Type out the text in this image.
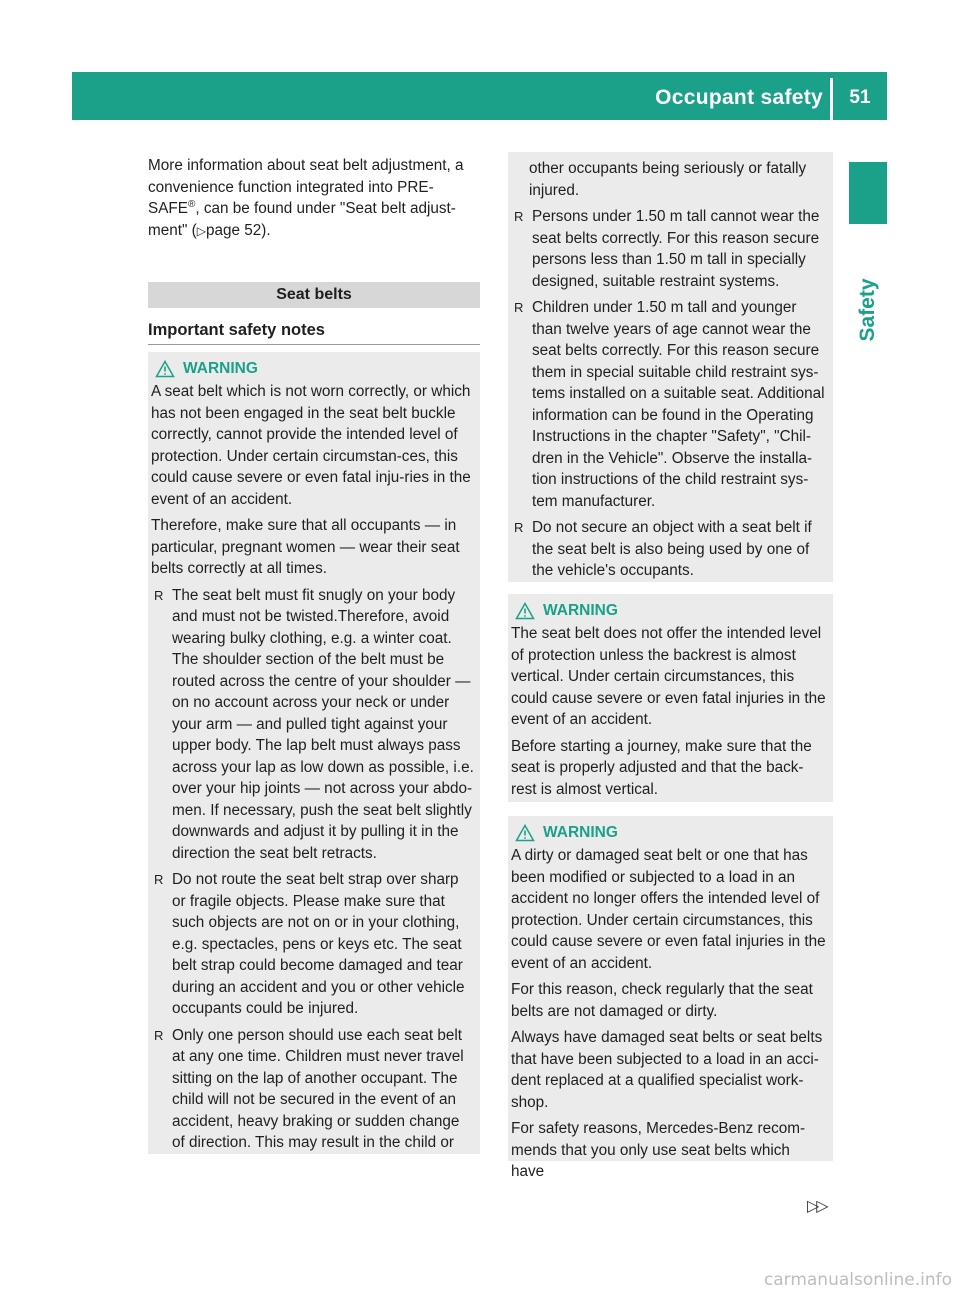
Occupant safety	51
Safety

More information about seat belt adjustment, a convenience function integrated into PRE-SAFE®, can be found under "Seat belt adjust-ment" (▷page 52).

Seat belts
Important safety notes
WARNING

A seat belt which is not worn correctly, or which has not been engaged in the seat belt buckle correctly, cannot provide the intended level of protection. Under certain circumstan-ces, this could cause severe or even fatal inju-ries in the event of an accident.

Therefore, make sure that all occupants — in particular, pregnant women — wear their seat belts correctly at all times.

R The seat belt must fit snugly on your body and must not be twisted.Therefore, avoid wearing bulky clothing, e.g. a winter coat. The shoulder section of the belt must be routed across the centre of your shoulder — on no account across your neck or under your arm — and pulled tight against your upper body. The lap belt must always pass across your lap as low down as possible, i.e. over your hip joints — not across your abdo-men. If necessary, push the seat belt slightly downwards and adjust it by pulling it in the direction the seat belt retracts.
R Do not route the seat belt strap over sharp or fragile objects. Please make sure that such objects are not on or in your clothing, e.g. spectacles, pens or keys etc. The seat belt strap could become damaged and tear during an accident and you or other vehicle occupants could be injured.
R Only one person should use each seat belt at any one time. Children must never travel sitting on the lap of another occupant. The child will not be secured in the event of an accident, heavy braking or sudden change of direction. This may result in the child or

other occupants being seriously or fatally injured.

R Persons under 1.50 m tall cannot wear the seat belts correctly. For this reason secure persons less than 1.50 m tall in specially designed, suitable restraint systems.
R Children under 1.50 m tall and younger than twelve years of age cannot wear the seat belts correctly. For this reason secure them in special suitable child restraint sys-tems installed on a suitable seat. Additional information can be found in the Operating Instructions in the chapter "Safety", "Chil-dren in the Vehicle". Observe the installa-tion instructions of the child restraint sys-tem manufacturer.
R Do not secure an object with a seat belt if the seat belt is also being used by one of the vehicle's occupants.
WARNING

The seat belt does not offer the intended level of protection unless the backrest is almost vertical. Under certain circumstances, this could cause severe or even fatal injuries in the event of an accident.

Before starting a journey, make sure that the seat is properly adjusted and that the back-rest is almost vertical.

WARNING

A dirty or damaged seat belt or one that has been modified or subjected to a load in an accident no longer offers the intended level of protection. Under certain circumstances, this could cause severe or even fatal injuries in the event of an accident.

For this reason, check regularly that the seat belts are not damaged or dirty.

Always have damaged seat belts or seat belts that have been subjected to a load in an acci-dent replaced at a qualified specialist work-shop.

For safety reasons, Mercedes-Benz recom-mends that you only use seat belts which have

▷▷
carmanualsonline.info
